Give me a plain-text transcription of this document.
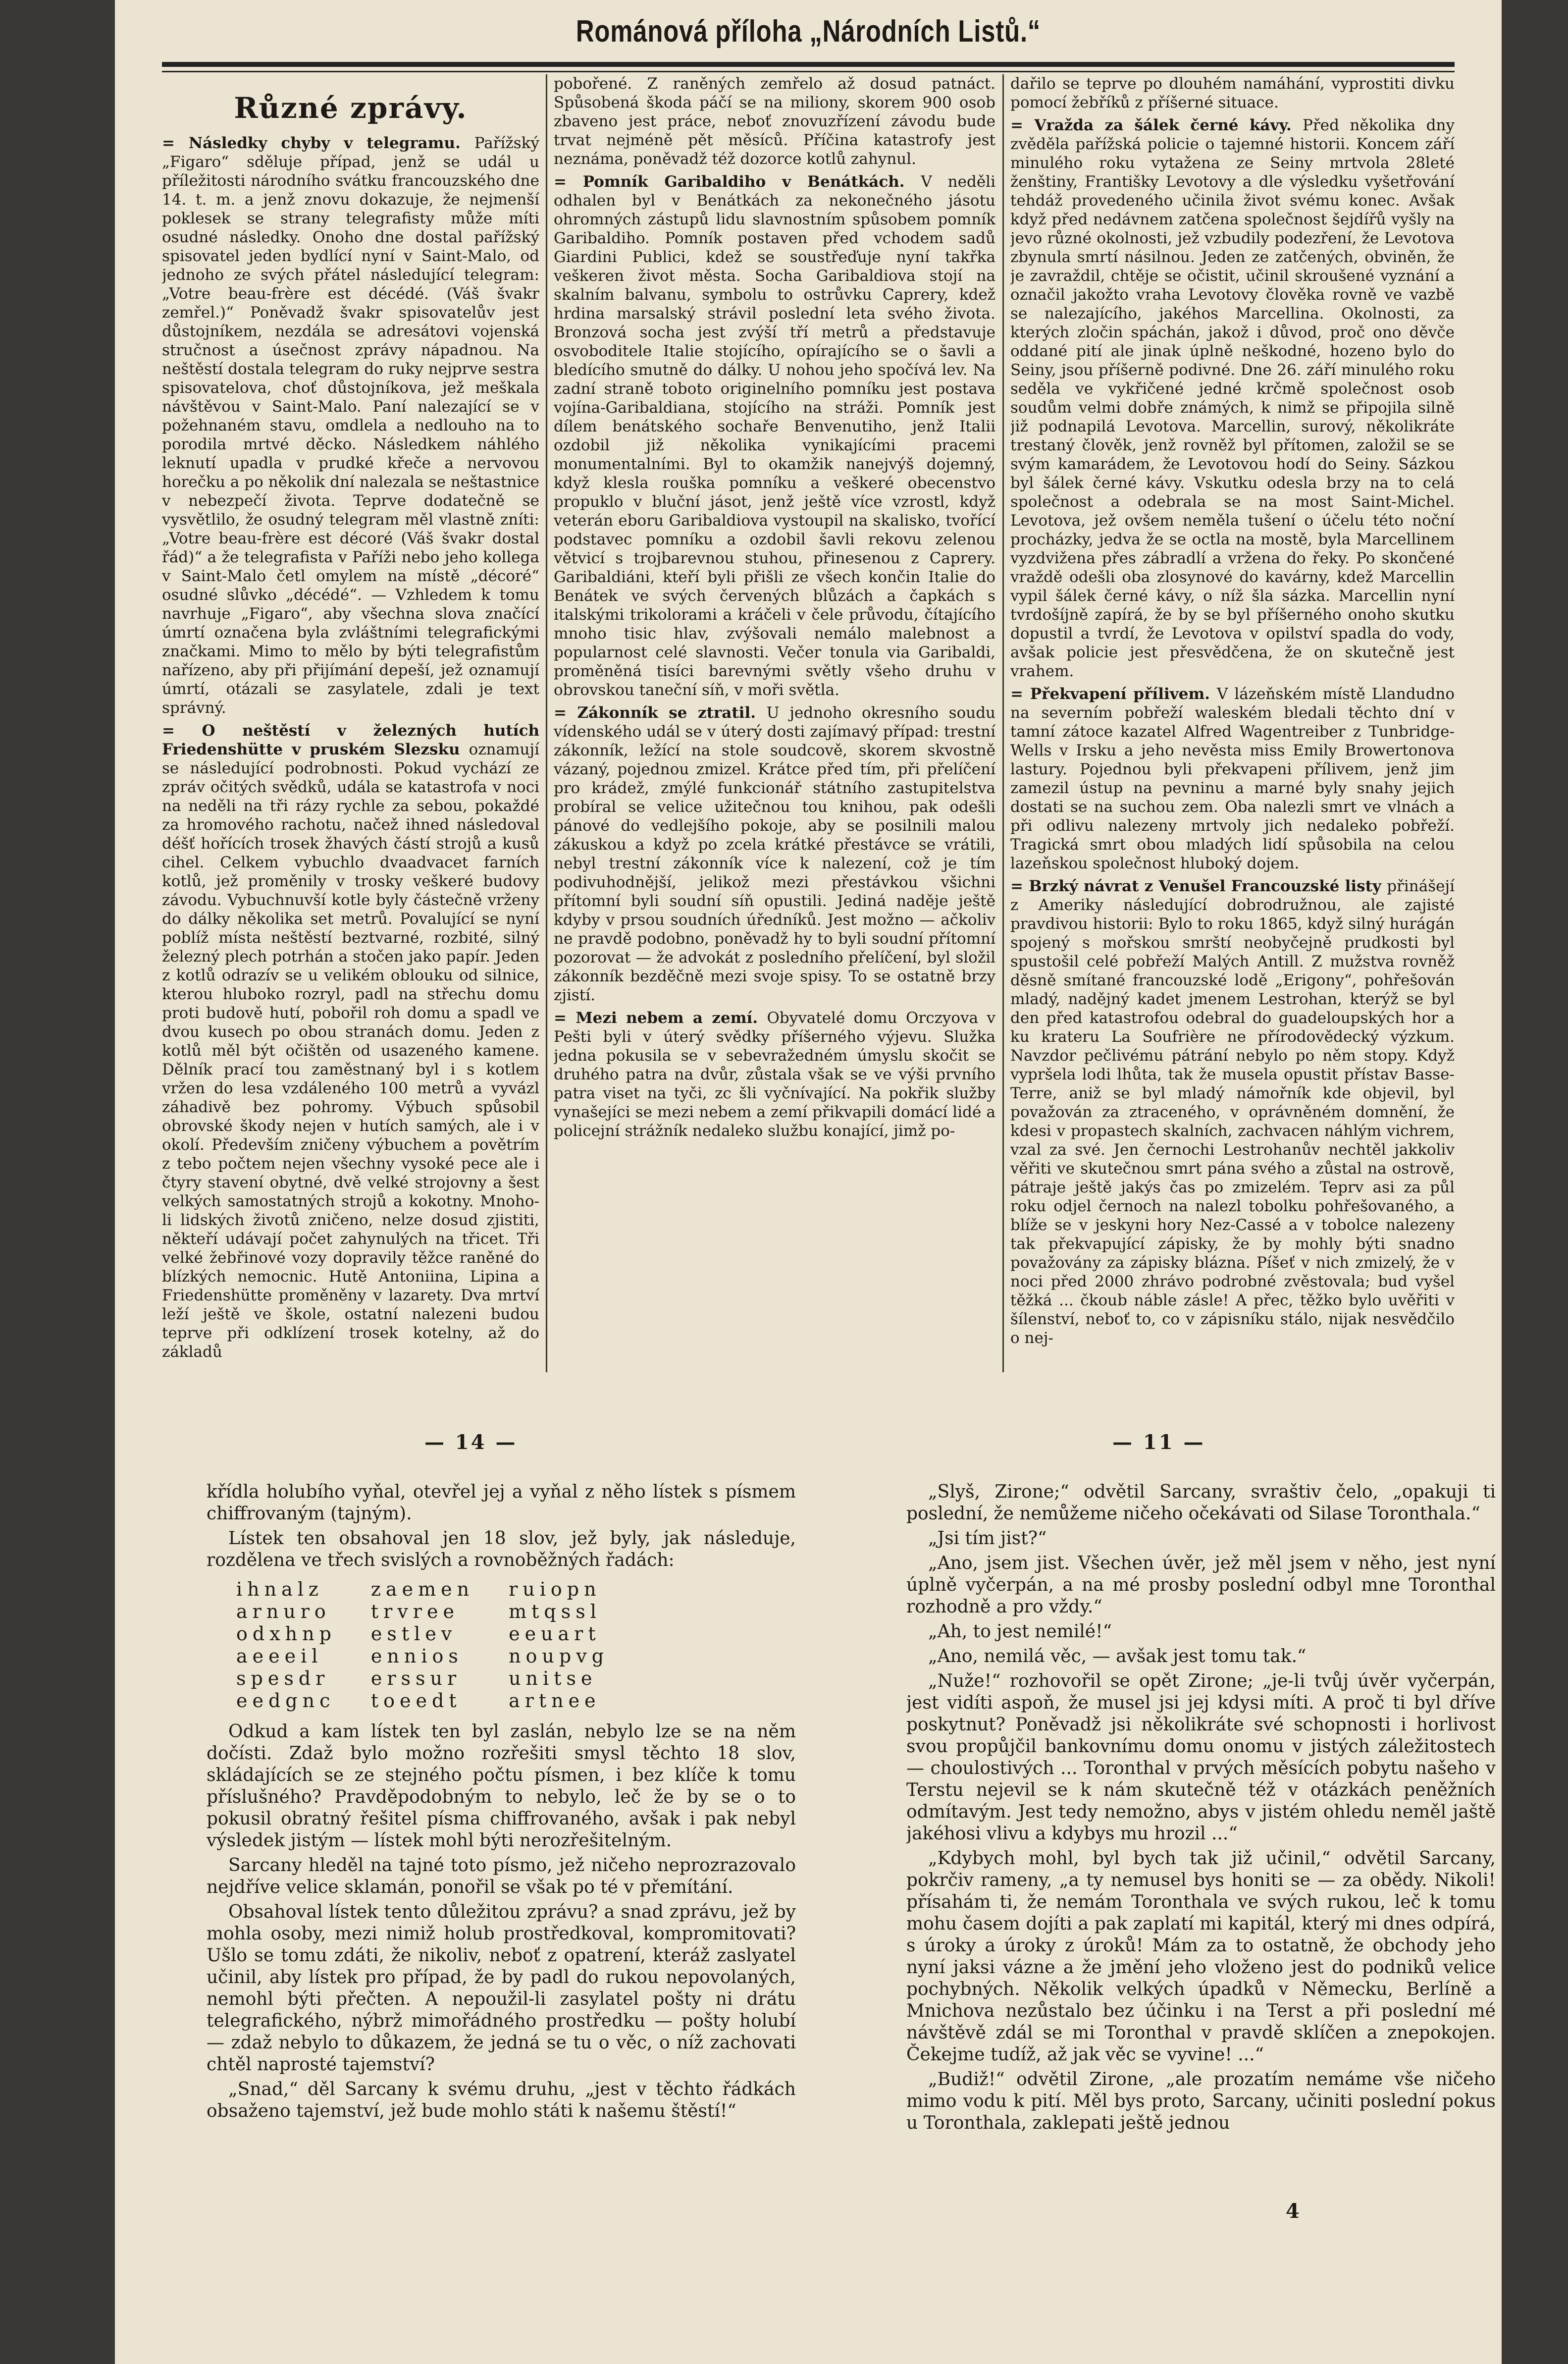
Románová příloha „Národních Listů.“
Různé zprávy.

= Následky chyby v telegramu. Pařížský „Figaro“ sděluje případ, jenž se udál u příležitosti národního svátku francouzského dne 14. t. m. a jenž znovu dokazuje, že nejmenší poklesek se strany telegrafisty může míti osudné následky. Onoho dne dostal pařížský spisovatel jeden bydlící nyní v Saint-Malo, od jednoho ze svých přátel následující telegram: „Votre beau-frère est décédé. (Váš švakr zemřel.)“ Poněvadž švakr spisovatelův jest důstojníkem, nezdála se adresátovi vojenská stručnost a úsečnost zprávy nápadnou. Na neštěstí dostala telegram do ruky nejprve sestra spisovatelova, choť důstojníkova, jež meškala návštěvou v Saint-Malo. Paní nalezající se v požehnaném stavu, omdlela a nedlouho na to porodila mrtvé děcko. Následkem náhlého leknutí upadla v prudké křeče a nervovou horečku a po několik dní nalezala se neštastnice v nebezpečí života. Teprve dodatečně se vysvětlilo, že osudný telegram měl vlastně zníti: „Votre beau-frère est décoré (Váš švakr dostal řád)“ a že telegrafista v Paříži nebo jeho kollega v Saint-Malo četl omylem na místě „décoré“ osudné slůvko „décédé“. — Vzhledem k tomu navrhuje „Figaro“, aby všechna slova značící úmrtí označena byla zvláštními telegrafickými značkami. Mimo to mělo by býti telegrafistům nařízeno, aby při přijímání depeší, jež oznamují úmrtí, otázali se zasylatele, zdali je text správný.

= O neštěstí v železných hutích Friedenshütte v pruském Slezsku oznamují se následující podrobnosti. Pokud vychází ze zpráv očitých svědků, udála se katastrofa v noci na neděli na tři rázy rychle za sebou, pokaždé za hromového rachotu, načež ihned následoval déšť hořících trosek žhavých částí strojů a kusů cihel. Celkem vybuchlo dvaadvacet farních kotlů, jež proměnily v trosky veškeré budovy závodu. Vybuchnuvší kotle byly částečně vrženy do dálky několika set metrů. Povalující se nyní poblíž místa neštěstí beztvarné, rozbité, silný železný plech potrhán a stočen jako papír. Jeden z kotlů odrazív se u velikém oblouku od silnice, kterou hluboko rozryl, padl na střechu domu proti budově hutí, pobořil roh domu a spadl ve dvou kusech po obou stranách domu. Jeden z kotlů měl být očištěn od usazeného kamene. Dělník prací tou zaměstnaný byl i s kotlem vržen do lesa vzdáleného 100 metrů a vyvázl záhadivě bez pohromy. Výbuch spůsobil obrovské škody nejen v hutích samých, ale i v okolí. Především zničeny výbuchem a povětrím z tebo počtem nejen všechny vysoké pece ale i čtyry stavení obytné, dvě velké strojovny a šest velkých samostatných strojů a kokotny. Mnoho-li lidských životů zničeno, nelze dosud zjistiti, někteří udávají počet zahynulých na třicet. Tři velké žebřinové vozy dopravily těžce raněné do blízkých nemocnic. Hutě Antoniina, Lipina a Friedenshütte proměněny v lazarety. Dva mrtví leží ještě ve škole, ostatní nalezeni budou teprve při odklízení trosek kotelny, až do základů

pobořené. Z raněných zemřelo až dosud patnáct. Spůsobená škoda páčí se na miliony, skorem 900 osob zbaveno jest práce, neboť znovuzřízení závodu bude trvat nejméně pět měsíců. Příčina katastrofy jest neznáma, poněvadž též dozorce kotlů zahynul.

= Pomník Garibaldiho v Benátkách. V neděli odhalen byl v Benátkách za nekonečného jásotu ohromných zástupů lidu slavnostním spůsobem pomník Garibaldiho. Pomník postaven před vchodem sadů Giardini Publici, kdež se soustřeďuje nyní takřka veškeren život města. Socha Garibaldiova stojí na skalním balvanu, symbolu to ostrůvku Caprery, kdež hrdina marsalský strávil poslední leta svého života. Bronzová socha jest zvýší tří metrů a představuje osvoboditele Italie stojícího, opírajícího se o šavli a bledícího smutně do dálky. U nohou jeho spočívá lev. Na zadní straně toboto originelního pomníku jest postava vojína-Garibaldiana, stojícího na stráži. Pomník jest dílem benátského sochaře Benvenutiho, jenž Italii ozdobil již několika vynikajícími pracemi monumentalními. Byl to okamžik nanejvýš dojemný, když klesla rouška pomníku a veškeré obecenstvo propuklo v bluční jásot, jenž ještě více vzrostl, když veterán eboru Garibaldiova vystoupil na skalisko, tvořící podstavec pomníku a ozdobil šavli rekovu zelenou větvicí s trojbarevnou stuhou, přinesenou z Caprery. Garibaldiáni, kteří byli přišli ze všech končin Italie do Benátek ve svých červených blůzách a čapkách s italskými trikolorami a kráčeli v čele průvodu, čítajícího mnoho tisic hlav, zvýšovali nemálo malebnost a popularnost celé slavnosti. Večer tonula via Garibaldi, proměněná tisíci barevnými světly všeho druhu v obrovskou taneční síň, v moři světla.

= Zákonník se ztratil. U jednoho okresního soudu vídenského udál se v úterý dosti zajímavý případ: trestní zákonník, ležící na stole soudcově, skorem skvostně vázaný, pojednou zmizel. Krátce před tím, při přelíčení pro krádež, zmýlé funkcionář státního zastupitelstva probíral se velice užitečnou tou knihou, pak odešli pánové do vedlejšího pokoje, aby se posilnili malou zákuskou a když po zcela krátké přestávce se vrátili, nebyl trestní zákonník více k nalezení, což je tím podivuhodnější, jelikož mezi přestávkou všichni přítomní byli soudní síň opustili. Jediná naděje ještě kdyby v prsou soudních úředníků. Jest možno — ačkoliv ne pravdě podobno, poněvadž hy to byli soudní přítomní pozorovat — že advokát z posledního přelíčení, byl složil zákonník bezděčně mezi svoje spisy. To se ostatně brzy zjistí.

= Mezi nebem a zemí. Obyvatelé domu Orczyova v Pešti byli v úterý svědky příšerného výjevu. Služka jedna pokusila se v sebevražedném úmyslu skočit se druhého patra na dvůr, zůstala však se ve výši prvního patra viset na tyči, zc šli vyčnívající. Na pokřik služby vynašejíci se mezi nebem a zemí přikvapili domácí lidé a policejní strážník nedaleko službu konající, jimž po-

dařilo se teprve po dlouhém namáhání, vyprostiti divku pomocí žebříků z příšerné situace.

= Vražda za šálek černé kávy. Před několika dny zvěděla pařížská policie o tajemné historii. Koncem září minulého roku vytažena ze Seiny mrtvola 28leté ženštiny, Františky Levotovy a dle výsledku vyšetřování tehdáž provedeného učinila život svému konec. Avšak když před nedávnem zatčena společnost šejdířů vyšly na jevo různé okolnosti, jež vzbudily podezření, že Levotova zbynula smrtí násilnou. Jeden ze zatčených, obviněn, že je zavraždil, chtěje se očistit, učinil skroušené vyznání a označil jakožto vraha Levotovy člověka rovně ve vazbě se nalezajícího, jakéhos Marcellina. Okolnosti, za kterých zločin spáchán, jakož i důvod, proč ono děvče oddané pití ale jinak úplně neškodné, hozeno bylo do Seiny, jsou příšerně podivné. Dne 26. září minulého roku seděla ve vykřičené jedné krčmě společnost osob soudům velmi dobře známých, k nimž se připojila silně již podnapilá Levotova. Marcellin, surový, několikráte trestaný člověk, jenž rovněž byl přítomen, založil se se svým kamarádem, že Levotovou hodí do Seiny. Sázkou byl šálek černé kávy. Vskutku odesla brzy na to celá společnost a odebrala se na most Saint-Michel. Levotova, jež ovšem neměla tušení o účelu této noční procházky, jedva že se octla na mostě, byla Marcellinem vyzdvižena přes zábradlí a vržena do řeky. Po skončené vraždě odešli oba zlosynové do kavárny, kdež Marcellin vypil šálek černé kávy, o níž šla sázka. Marcellin nyní tvrdošíjně zapírá, že by se byl příšerného onoho skutku dopustil a tvrdí, že Levotova v opilství spadla do vody, avšak policie jest přesvědčena, že on skutečně jest vrahem.

= Překvapení přílivem. V lázeňském místě Llandudno na severním pobřeží waleském bledali těchto dní v tamní zátoce kazatel Alfred Wagentreiber z Tunbridge-Wells v Irsku a jeho nevěsta miss Emily Browertonova lastury. Pojednou byli překvapeni přílivem, jenž jim zamezil ústup na pevninu a marné byly snahy jejich dostati se na suchou zem. Oba nalezli smrt ve vlnách a při odlivu nalezeny mrtvoly jich nedaleko pobřeží. Tragická smrt obou mladých lidí spůsobila na celou lazeňskou společnost hluboký dojem.

= Brzký návrat z Venušel Francouzské listy přinášejí z Ameriky následující dobrodružnou, ale zajisté pravdivou historii: Bylo to roku 1865, když silný hurágán spojený s mořskou smrští neobyčejně prudkosti byl spustošil celé pobřeží Malých Antill. Z mužstva rovněž děsně smítané francouzské lodě „Erigony“, pohřešován mladý, nadějný kadet jmenem Lestrohan, kterýž se byl den před katastrofou odebral do guadeloupských hor a ku krateru La Soufrière ne přírodovědecký výzkum. Navzdor pečlivému pátrání nebylo po něm stopy. Když vypršela lodi lhůta, tak že musela opustit přístav Basse-Terre, aniž se byl mladý námořník kde objevil, byl považován za ztraceného, v oprávněném domnění, že kdesi v propastech skalních, zachvacen náhlým vichrem, vzal za své. Jen černochi Lestrohanův nechtěl jakkoliv věřiti ve skutečnou smrt pána svého a zůstal na ostrově, pátraje ještě jakýs čas po zmizelém. Teprv asi za půl roku odjel černoch na nalezl tobolku pohřešovaného, a blíže se v jeskyni hory Nez-Cassé a v tobolce nalezeny tak překvapující zápisky, že by mohly býti snadno považovány za zápisky blázna. Píšeť v nich zmizelý, že v noci před 2000 zhrávo podrobné zvěstovala; bud vyšel těžká ... čkoub náble zásle! A přec, těžko bylo uvěřiti v šílenství, neboť to, co v zápisníku stálo, nijak nesvědčilo o nej-

— 14 —	— 11 —

křídla holubího vyňal, otevřel jej a vyňal z něho lístek s písmem chiffrovaným (tajným).

Lístek ten obsahoval jen 18 slov, jež byly, jak následuje, rozdělena ve třech svislých a rovnoběžných řadách:

ihnalz	zaemen	ruiopn
arnurо	trvree	mtqssl
odxhnp	estlev	eeuart
aeeeil	ennios	noupvg
spesdr	erssur	unitse
eedgnc	toeedt	artnee

Odkud a kam lístek ten byl zaslán, nebylo lze se na něm dočísti. Zdaž bylo možno rozřešiti smysl těchto 18 slov, skládajících se ze stejného počtu písmen, i bez klíče k tomu příslušného? Pravděpodobným to nebylo, leč že by se o to pokusil obratný řešitel písma chiffrovaného, avšak i pak nebyl výsledek jistým — lístek mohl býti nerozřešitelným.

Sarcany hleděl na tajné toto písmo, jež ničeho neprozrazovalo nejdříve velice sklamán, ponořil se však po té v přemítání.

Obsahoval lístek tento důležitou zprávu? a snad zprávu, jež by mohla osoby, mezi nimiž holub prostředkoval, kompromitovati? Ušlo se tomu zdáti, že nikoliv, neboť z opatrení, kteráž zaslyatel učinil, aby lístek pro případ, že by padl do rukou nepovolaných, nemohl býti přečten. A nepoužil-li zasylatel pošty ni drátu telegrafického, nýbrž mimořádného prostředku — pošty holubí — zdaž nebylo to důkazem, že jedná se tu o věc, o níž zachovati chtěl naprosté tajemství?

„Snad,“ děl Sarcany k svému druhu, „jest v těchto řádkách obsaženo tajemství, jež bude mohlo státi k našemu štěstí!“

„Slyš, Zirone;“ odvětil Sarcany, svraštiv čelo, „opakuji ti poslední, že nemůžeme ničeho očekávati od Silase Toronthala.“

„Jsi tím jist?“

„Ano, jsem jist. Všechen úvěr, jež měl jsem v něho, jest nyní úplně vyčerpán, a na mé prosby poslední odbyl mne Toronthal rozhodně a pro vždy.“

„Ah, to jest nemilé!“

„Ano, nemilá věc, — avšak jest tomu tak.“

„Nuže!“ rozhovořil se opět Zirone; „je-li tvůj úvěr vyčerpán, jest vidíti aspoň, že musel jsi jej kdysi míti. A proč ti byl dříve poskytnut? Poněvadž jsi několikráte své schopnosti i horlivost svou propůjčil bankovnímu domu onomu v jistých záležitostech — choulostivých ... Toronthal v prvých měsících pobytu našeho v Terstu nejevil se k nám skutečně též v otázkách peněžních odmítavým. Jest tedy nemožno, abys v jistém ohledu neměl jaště jakéhosi vlivu a kdybys mu hrozil ...“

„Kdybych mohl, byl bych tak již učinil,“ odvětil Sarcany, pokrčiv rameny, „a ty nemusel bys honiti se — za obědy. Nikoli! přísahám ti, že nemám Toronthala ve svých rukou, leč k tomu mohu časem dojíti a pak zaplatí mi kapitál, který mi dnes odpírá, s úroky a úroky z úroků! Mám za to ostatně, že obchody jeho nyní jaksi vázne a že jmění jeho vloženo jest do podniků velice pochybných. Několik velkých úpadků v Německu, Berlíně a Mnichova nezůstalo bez účinku i na Terst a při poslední mé návštěvě zdál se mi Toronthal v pravdě sklíčen a znepokojen. Čekejme tudíž, až jak věc se vyvine! ...“

„Budiž!“ odvětil Zirone, „ale prozatím nemáme vše ničeho mimo vodu k pití. Měl bys proto, Sarcany, učiniti poslední pokus u Toronthala, zaklepati ještě jednou

4
